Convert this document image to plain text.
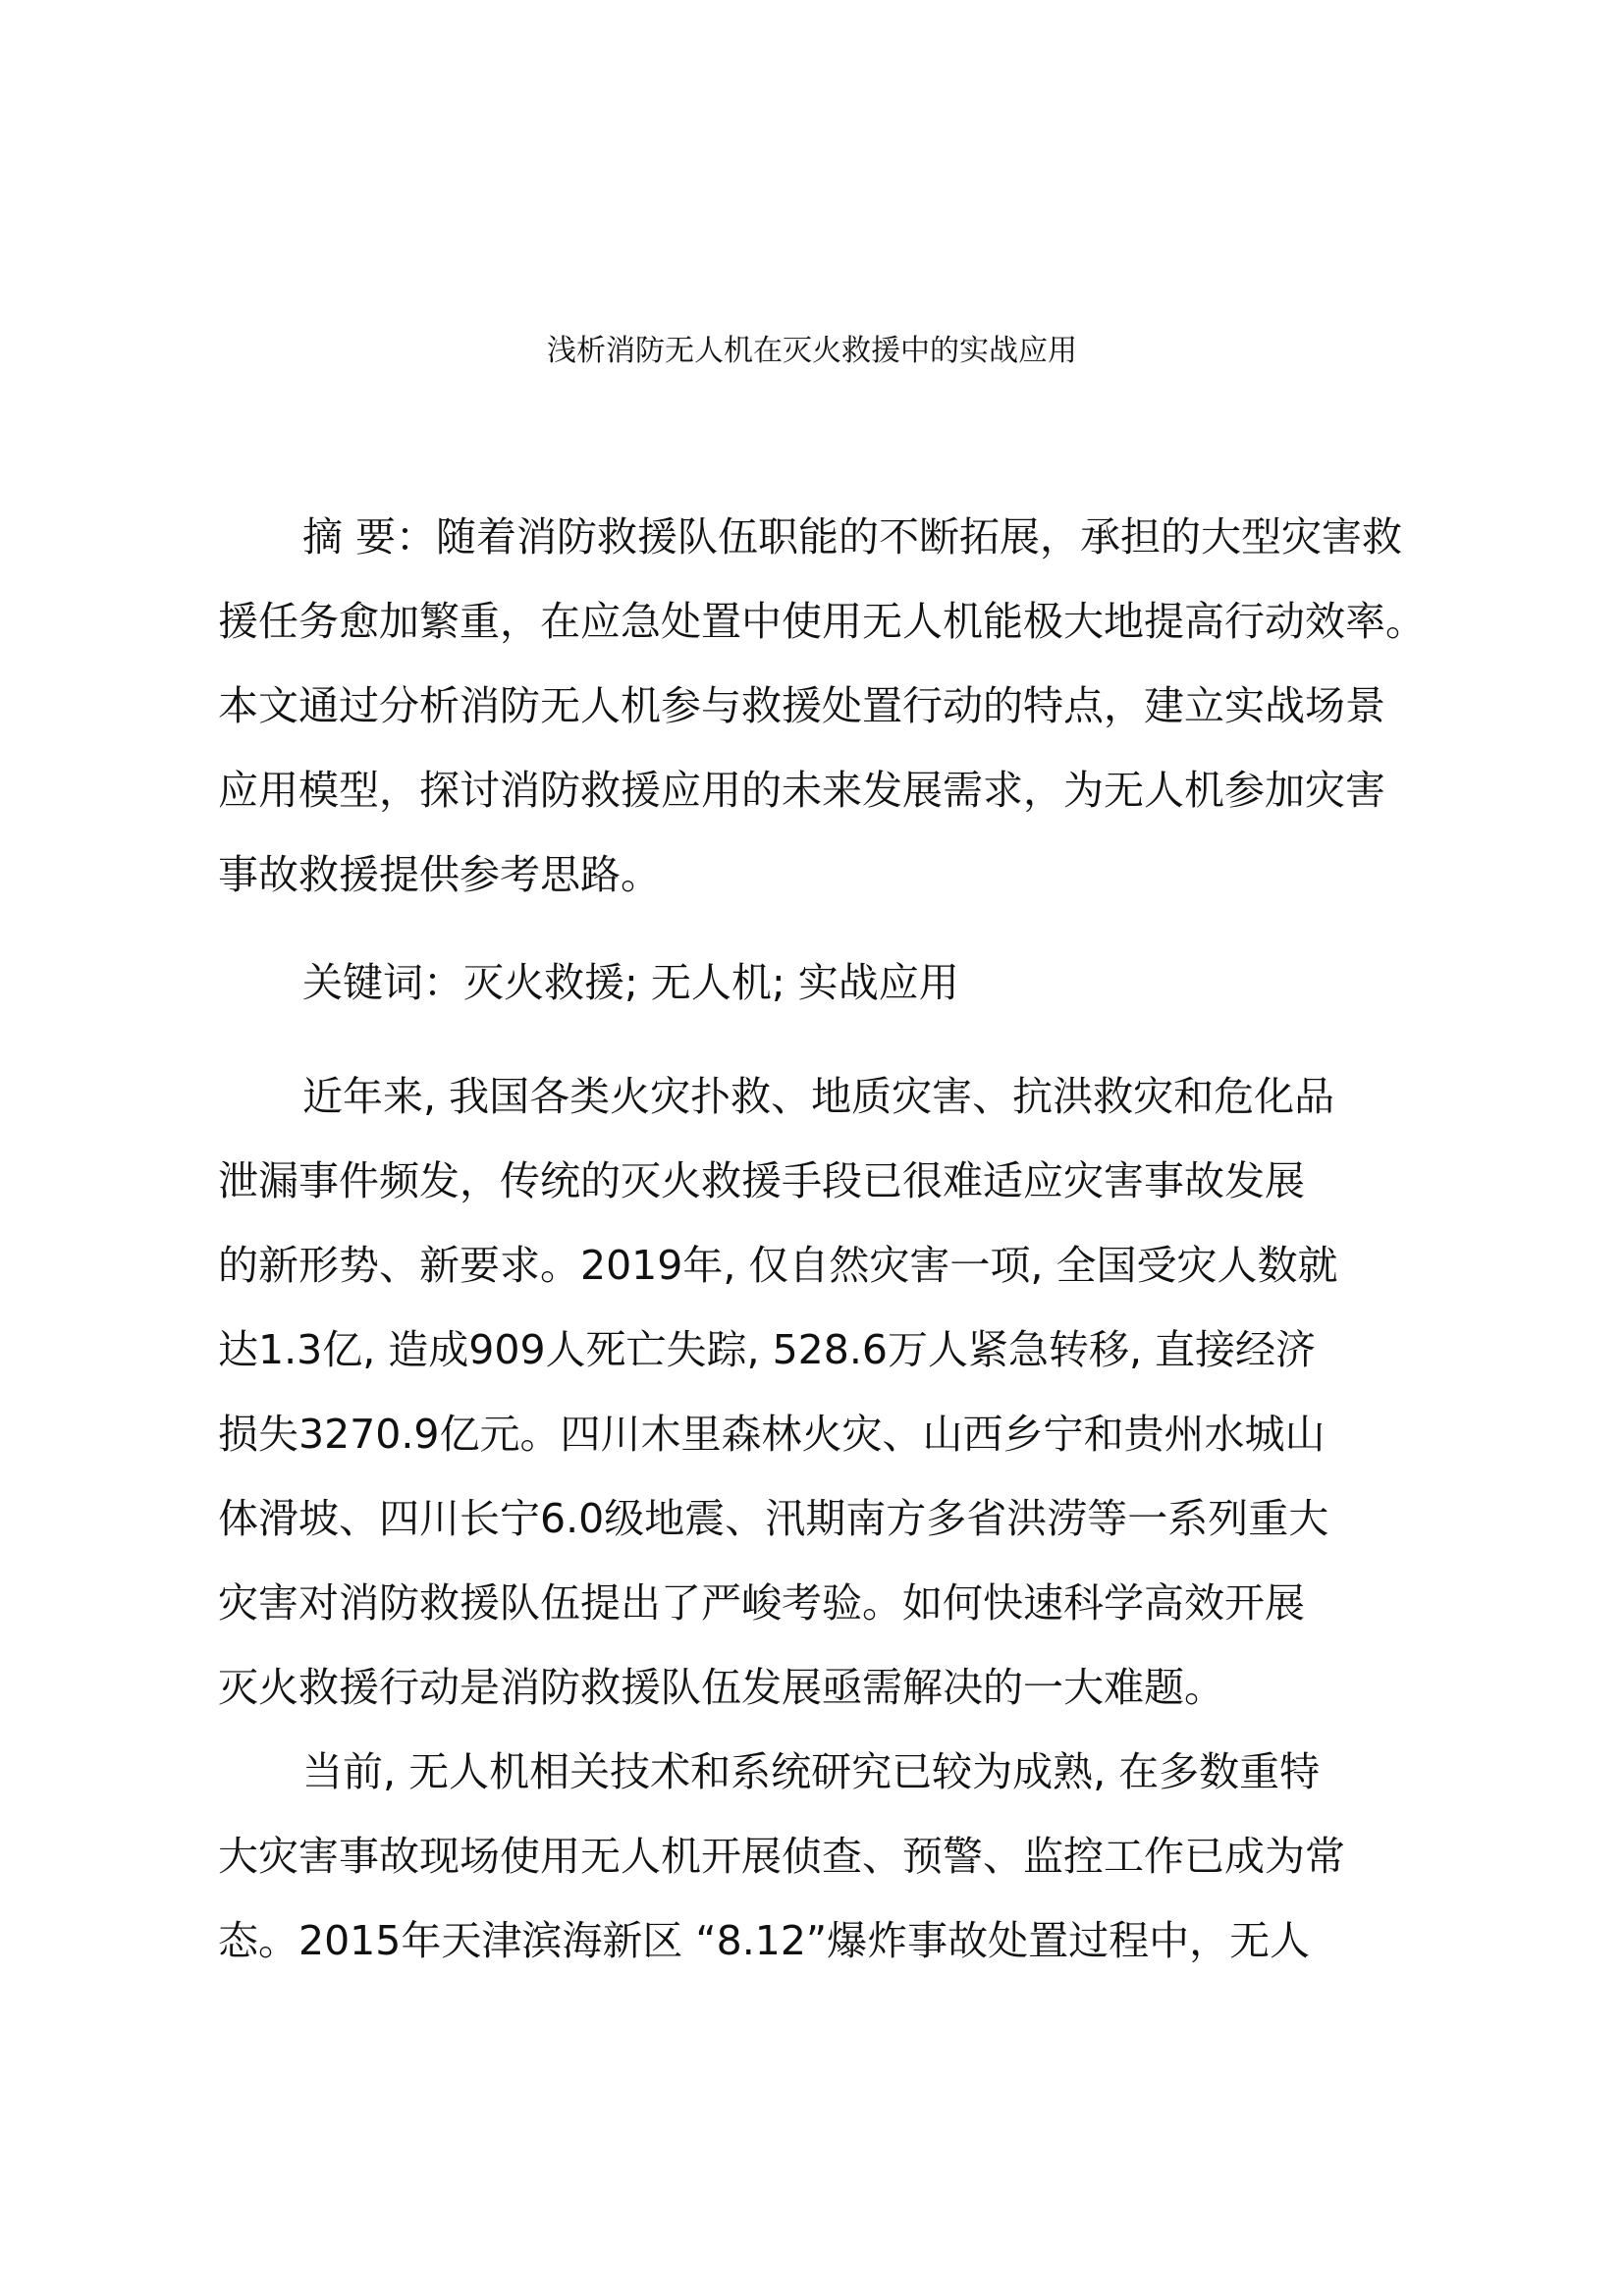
浅析消防无人机在灭火救援中的实战应用

摘 要：随着消防救援队伍职能的不断拓展，承担的大型灾害救

援任务愈加繁重，在应急处置中使用无人机能极大地提高行动效率。

本文通过分析消防无人机参与救援处置行动的特点，建立实战场景

应用模型，探讨消防救援应用的未来发展需求，为无人机参加灾害

事故救援提供参考思路。

关键词：灭火救援; 无人机; 实战应用

近年来, 我国各类火灾扑救、地质灾害、抗洪救灾和危化品

泄漏事件频发，传统的灭火救援手段已很难适应灾害事故发展

的新形势、新要求。2019年, 仅自然灾害一项, 全国受灾人数就

达1.3亿, 造成909人死亡失踪, 528.6万人紧急转移, 直接经济

损失3270.9亿元。四川木里森林火灾、山西乡宁和贵州水城山

体滑坡、四川长宁6.0级地震、汛期南方多省洪涝等一系列重大

灾害对消防救援队伍提出了严峻考验。如何快速科学高效开展

灭火救援行动是消防救援队伍发展亟需解决的一大难题。

当前, 无人机相关技术和系统研究已较为成熟, 在多数重特

大灾害事故现场使用无人机开展侦查、预警、监控工作已成为常

态。2015年天津滨海新区 “8.12”爆炸事故处置过程中，无人
